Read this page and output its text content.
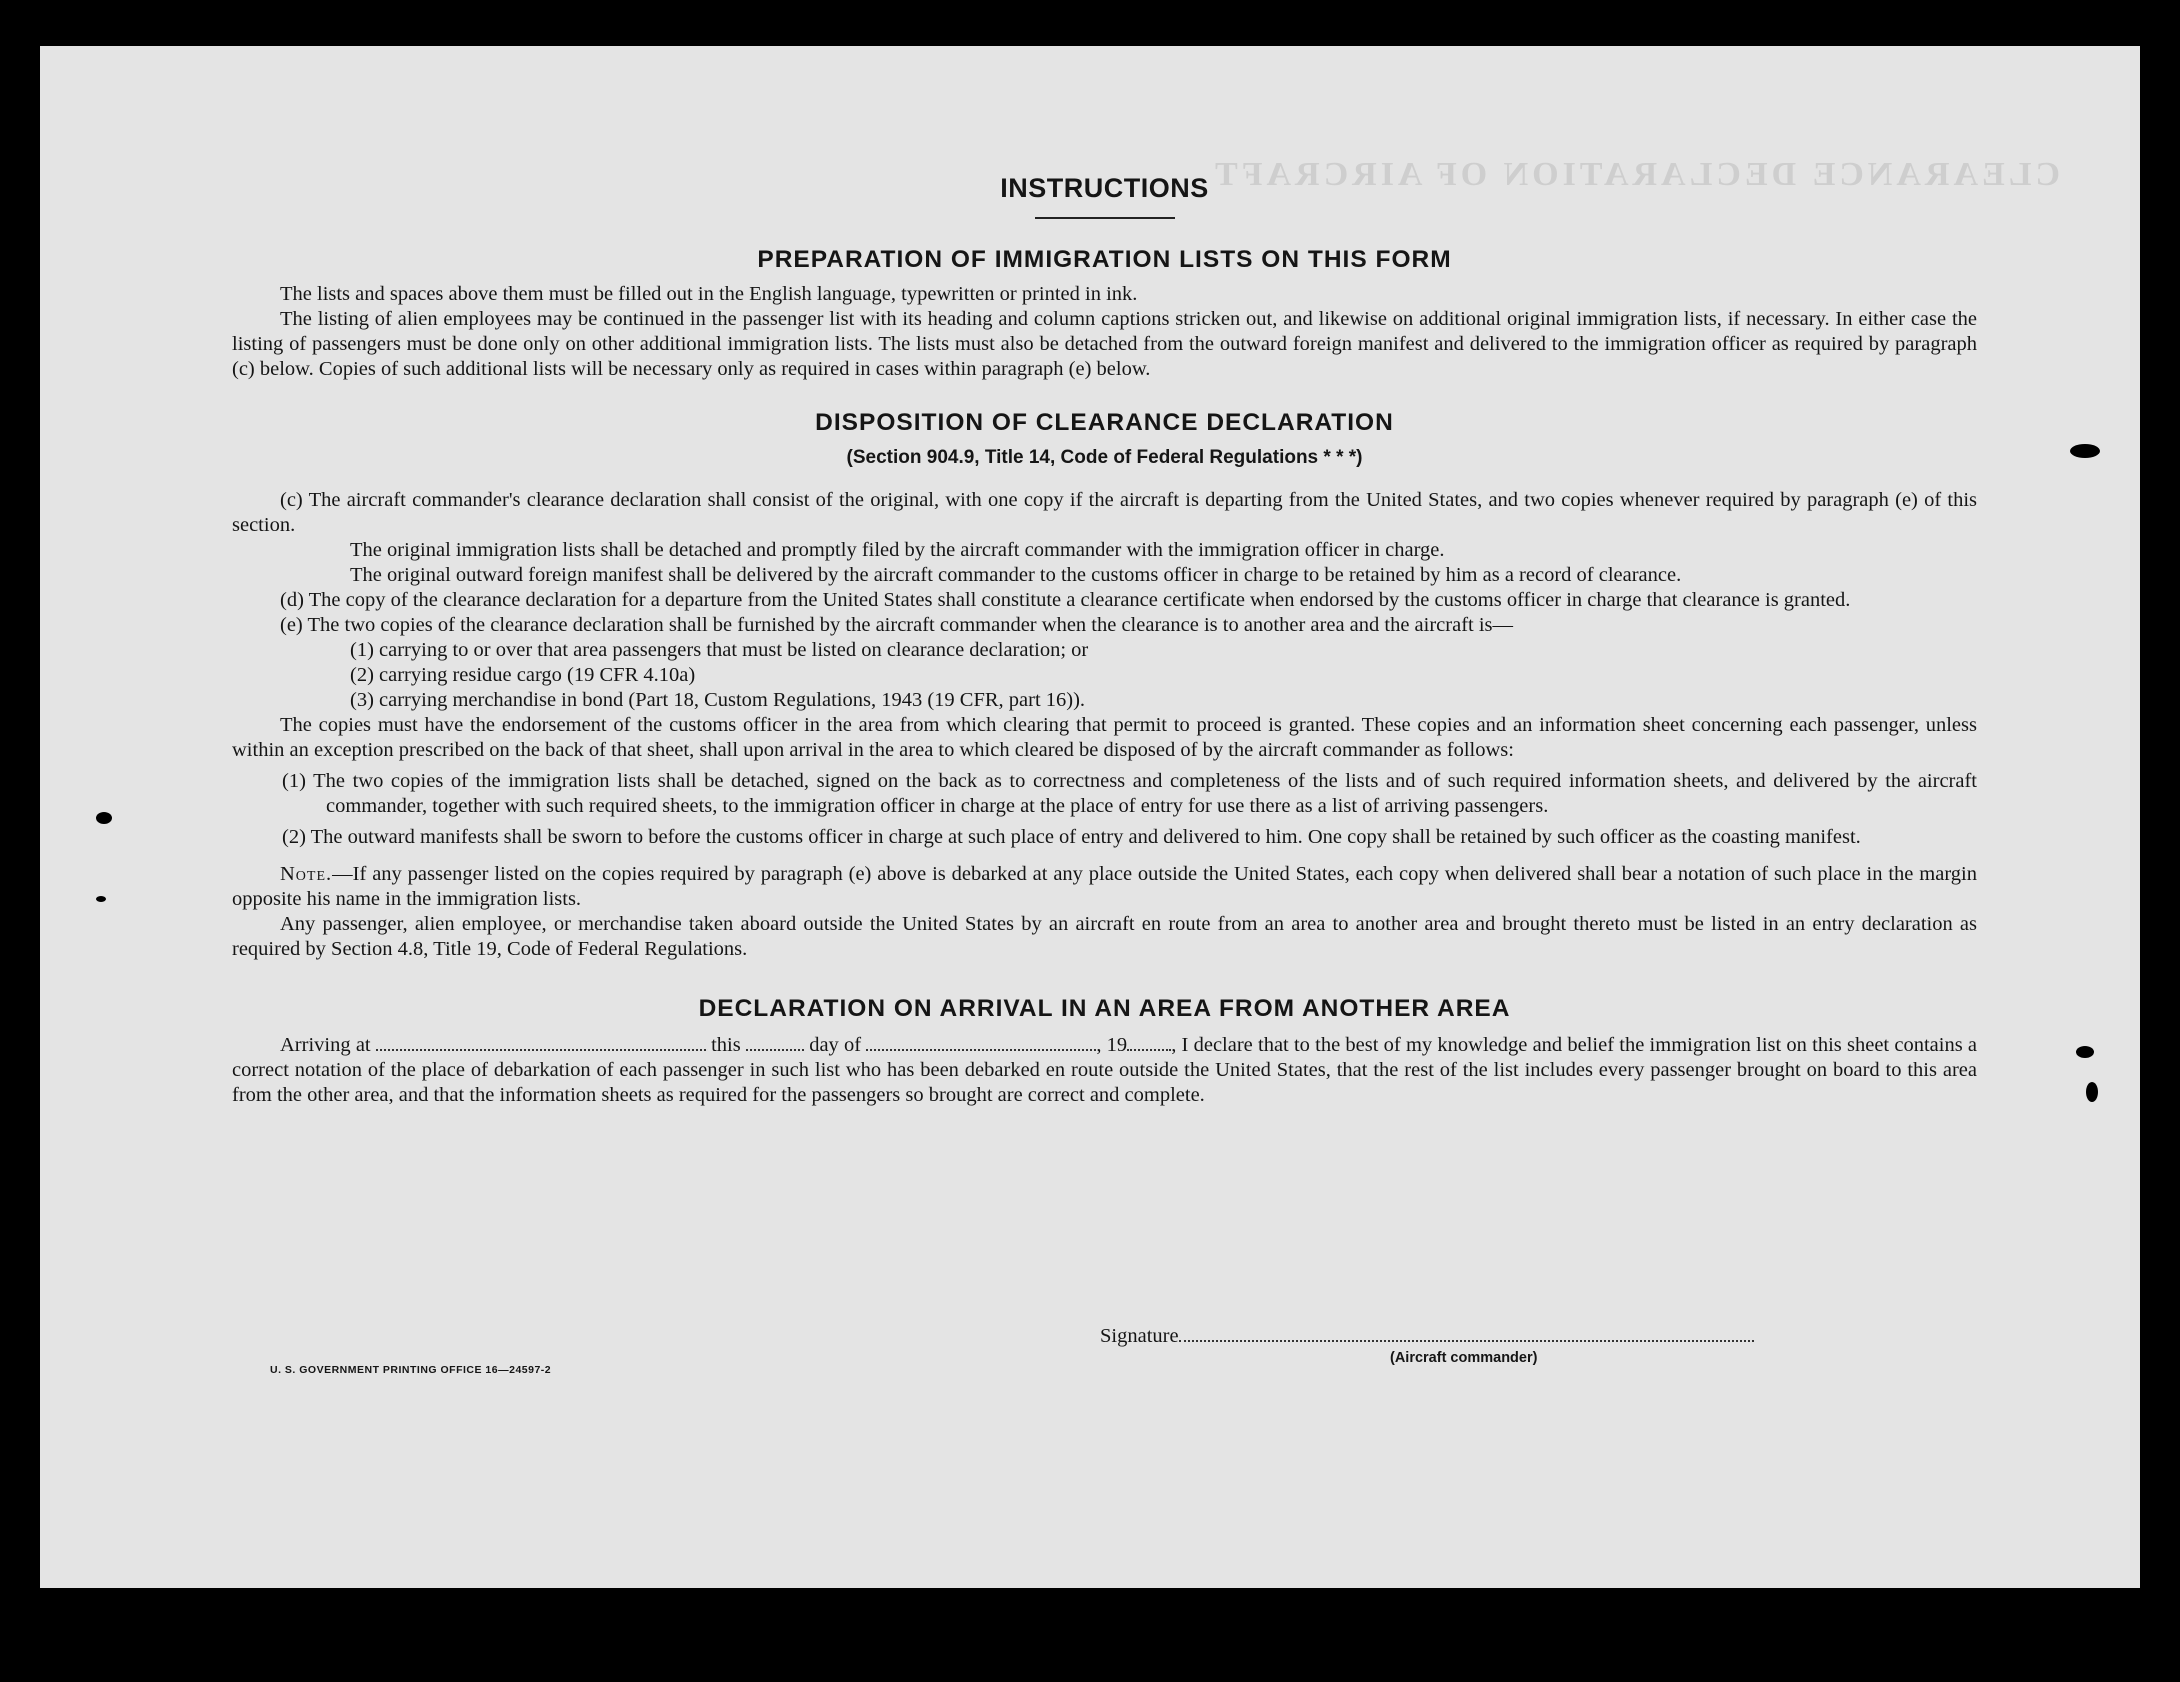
CLEARANCE DECLARATION OF AIRCRAFT
INSTRUCTIONS
PREPARATION OF IMMIGRATION LISTS ON THIS FORM

The lists and spaces above them must be filled out in the English language, typewritten or printed in ink.

The listing of alien employees may be continued in the passenger list with its heading and column captions stricken out, and likewise on additional original immigration lists, if necessary. In either case the listing of passengers must be done only on other additional immigration lists. The lists must also be detached from the outward foreign manifest and delivered to the immigration officer as required by paragraph (c) below. Copies of such additional lists will be necessary only as required in cases within paragraph (e) below.

DISPOSITION OF CLEARANCE DECLARATION
(Section 904.9, Title 14, Code of Federal Regulations * * *)

(c) The aircraft commander's clearance declaration shall consist of the original, with one copy if the aircraft is departing from the United States, and two copies whenever required by paragraph (e) of this section.

The original immigration lists shall be detached and promptly filed by the aircraft commander with the immigration officer in charge.

The original outward foreign manifest shall be delivered by the aircraft commander to the customs officer in charge to be retained by him as a record of clearance.

(d) The copy of the clearance declaration for a departure from the United States shall constitute a clearance certificate when endorsed by the customs officer in charge that clearance is granted.

(e) The two copies of the clearance declaration shall be furnished by the aircraft commander when the clearance is to another area and the aircraft is—

(1) carrying to or over that area passengers that must be listed on clearance declaration; or

(2) carrying residue cargo (19 CFR 4.10a)

(3) carrying merchandise in bond (Part 18, Custom Regulations, 1943 (19 CFR, part 16)).

The copies must have the endorsement of the customs officer in the area from which clearing that permit to proceed is granted. These copies and an information sheet concerning each passenger, unless within an exception prescribed on the back of that sheet, shall upon arrival in the area to which cleared be disposed of by the aircraft commander as follows:

(1) The two copies of the immigration lists shall be detached, signed on the back as to correctness and completeness of the lists and of such required information sheets, and delivered by the aircraft commander, together with such required sheets, to the immigration officer in charge at the place of entry for use there as a list of arriving passengers.

(2) The outward manifests shall be sworn to before the customs officer in charge at such place of entry and delivered to him. One copy shall be retained by such officer as the coasting manifest.

Note.—If any passenger listed on the copies required by paragraph (e) above is debarked at any place outside the United States, each copy when delivered shall bear a notation of such place in the margin opposite his name in the immigration lists.

Any passenger, alien employee, or merchandise taken aboard outside the United States by an aircraft en route from an area to another area and brought thereto must be listed in an entry declaration as required by Section 4.8, Title 19, Code of Federal Regulations.

DECLARATION ON ARRIVAL IN AN AREA FROM ANOTHER AREA

Arriving at	this	day of	, 19 , I declare that to the best of my knowledge and belief the immigration list on this sheet contains a correct notation of the place of debarkation of each passenger in such list who has been debarked en route outside the United States, that the rest of the list includes every passenger brought on board to this area from the other area, and that the information sheets as required for the passengers so brought are correct and complete.

Signature
(Aircraft commander)
U. S. GOVERNMENT PRINTING OFFICE 16—24597-2
